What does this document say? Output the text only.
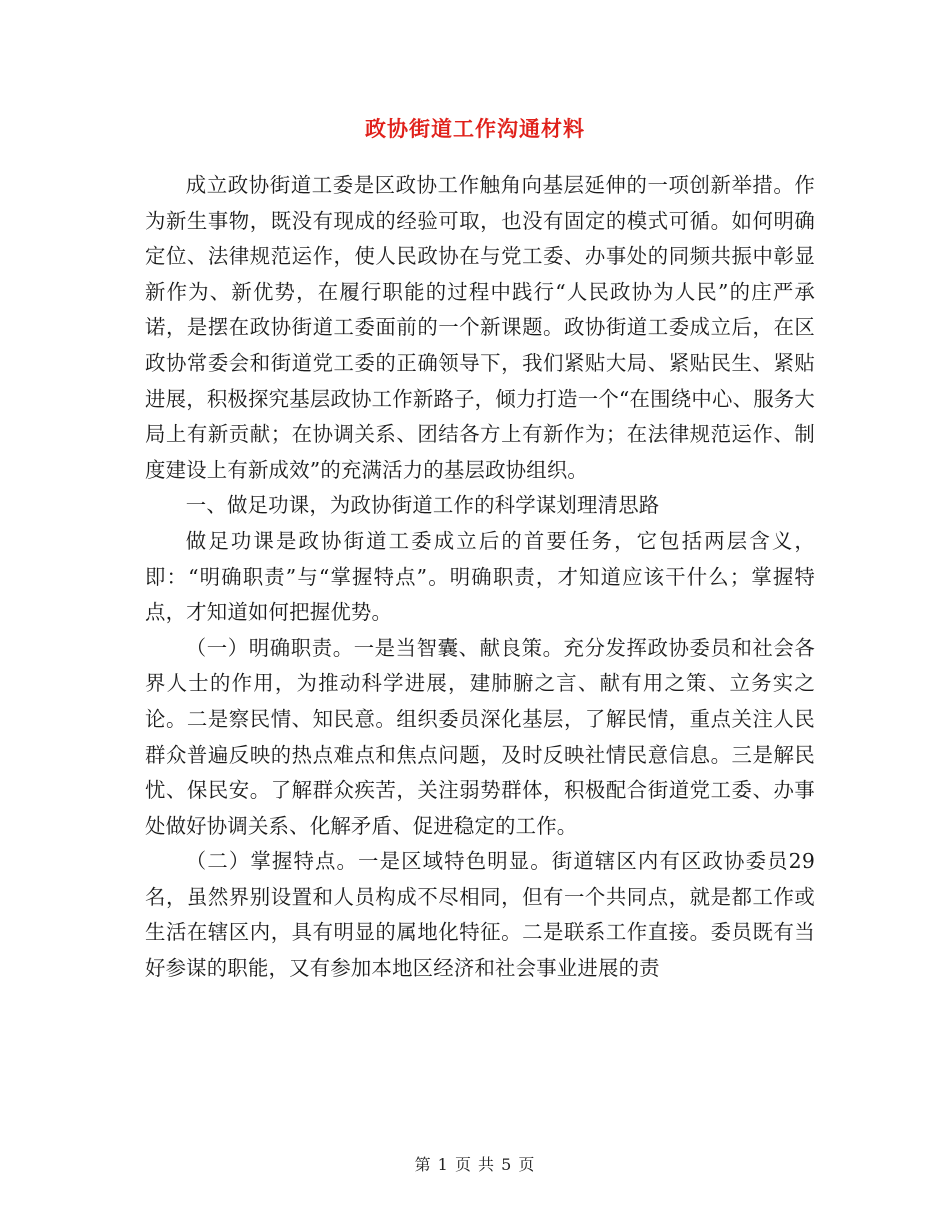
政协街道工作沟通材料

成立政协街道工委是区政协工作触角向基层延伸的一项创新举措。作为新生事物，既没有现成的经验可取，也没有固定的模式可循。如何明确定位、法律规范运作，使人民政协在与党工委、办事处的同频共振中彰显新作为、新优势，在履行职能的过程中践行“人民政协为人民”的庄严承诺，是摆在政协街道工委面前的一个新课题。政协街道工委成立后，在区政协常委会和街道党工委的正确领导下，我们紧贴大局、紧贴民生、紧贴进展，积极探究基层政协工作新路子，倾力打造一个“在围绕中心、服务大局上有新贡献；在协调关系、团结各方上有新作为；在法律规范运作、制度建设上有新成效”的充满活力的基层政协组织。

一、做足功课，为政协街道工作的科学谋划理清思路

做足功课是政协街道工委成立后的首要任务，它包括两层含义，即：“明确职责”与“掌握特点”。明确职责，才知道应该干什么；掌握特点，才知道如何把握优势。

（一）明确职责。一是当智囊、献良策。充分发挥政协委员和社会各界人士的作用，为推动科学进展，建肺腑之言、献有用之策、立务实之论。二是察民情、知民意。组织委员深化基层，了解民情，重点关注人民群众普遍反映的热点难点和焦点问题，及时反映社情民意信息。三是解民忧、保民安。了解群众疾苦，关注弱势群体，积极配合街道党工委、办事处做好协调关系、化解矛盾、促进稳定的工作。

（二）掌握特点。一是区域特色明显。街道辖区内有区政协委员29名，虽然界别设置和人员构成不尽相同，但有一个共同点，就是都工作或生活在辖区内，具有明显的属地化特征。二是联系工作直接。委员既有当好参谋的职能，又有参加本地区经济和社会事业进展的责

第 1 页 共 5 页
